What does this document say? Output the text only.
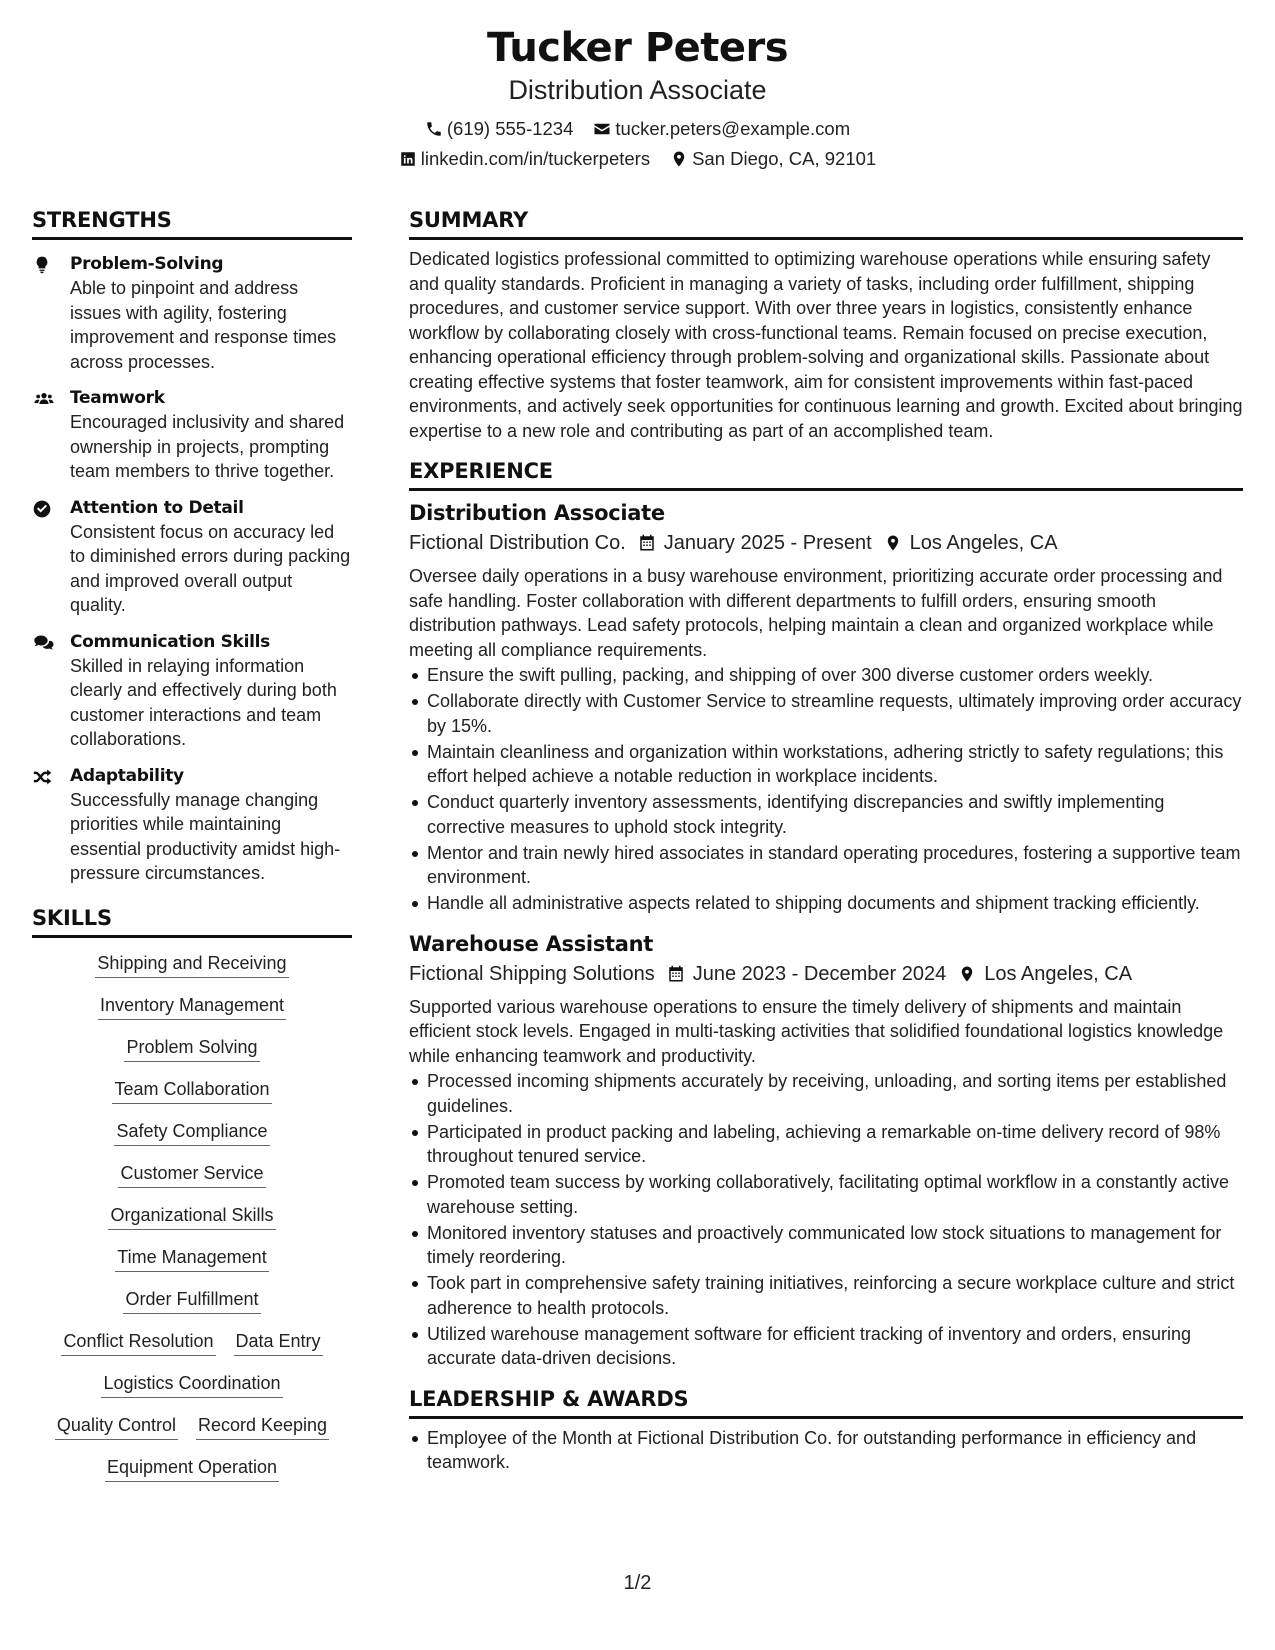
Tucker Peters
Distribution Associate
(619) 555-1234 tucker.peters@example.com
linkedin.com/in/tuckerpeters San Diego, CA, 92101
STRENGTHS
Problem-Solving
Able to pinpoint and address issues with agility, fostering improvement and response times across processes.
Teamwork
Encouraged inclusivity and shared ownership in projects, prompting team members to thrive together.
Attention to Detail
Consistent focus on accuracy led to diminished errors during packing and improved overall output quality.
Communication Skills
Skilled in relaying information clearly and effectively during both customer interactions and team collaborations.
Adaptability
Successfully manage changing priorities while maintaining essential productivity amidst high-pressure circumstances.
SKILLS
Shipping and Receiving
Inventory Management
Problem Solving
Team Collaboration
Safety Compliance
Customer Service
Organizational Skills
Time Management
Order Fulfillment
Conflict Resolution Data Entry
Logistics Coordination
Quality Control Record Keeping
Equipment Operation
SUMMARY
Dedicated logistics professional committed to optimizing warehouse operations while ensuring safety and quality standards. Proficient in managing a variety of tasks, including order fulfillment, shipping procedures, and customer service support. With over three years in logistics, consistently enhance workflow by collaborating closely with cross-functional teams. Remain focused on precise execution, enhancing operational efficiency through problem-solving and organizational skills. Passionate about creating effective systems that foster teamwork, aim for consistent improvements within fast-paced environments, and actively seek opportunities for continuous learning and growth. Excited about bringing expertise to a new role and contributing as part of an accomplished team.
EXPERIENCE
Distribution Associate
Fictional Distribution Co. January 2025 - Present Los Angeles, CA
Oversee daily operations in a busy warehouse environment, prioritizing accurate order processing and safe handling. Foster collaboration with different departments to fulfill orders, ensuring smooth distribution pathways. Lead safety protocols, helping maintain a clean and organized workplace while meeting all compliance requirements.
Ensure the swift pulling, packing, and shipping of over 300 diverse customer orders weekly.
Collaborate directly with Customer Service to streamline requests, ultimately improving order accuracy by 15%.
Maintain cleanliness and organization within workstations, adhering strictly to safety regulations; this effort helped achieve a notable reduction in workplace incidents.
Conduct quarterly inventory assessments, identifying discrepancies and swiftly implementing corrective measures to uphold stock integrity.
Mentor and train newly hired associates in standard operating procedures, fostering a supportive team environment.
Handle all administrative aspects related to shipping documents and shipment tracking efficiently.
Warehouse Assistant
Fictional Shipping Solutions June 2023 - December 2024 Los Angeles, CA
Supported various warehouse operations to ensure the timely delivery of shipments and maintain efficient stock levels. Engaged in multi-tasking activities that solidified foundational logistics knowledge while enhancing teamwork and productivity.
Processed incoming shipments accurately by receiving, unloading, and sorting items per established guidelines.
Participated in product packing and labeling, achieving a remarkable on-time delivery record of 98% throughout tenured service.
Promoted team success by working collaboratively, facilitating optimal workflow in a constantly active warehouse setting.
Monitored inventory statuses and proactively communicated low stock situations to management for timely reordering.
Took part in comprehensive safety training initiatives, reinforcing a secure workplace culture and strict adherence to health protocols.
Utilized warehouse management software for efficient tracking of inventory and orders, ensuring accurate data-driven decisions.
LEADERSHIP & AWARDS
Employee of the Month at Fictional Distribution Co. for outstanding performance in efficiency and teamwork.
1/2
